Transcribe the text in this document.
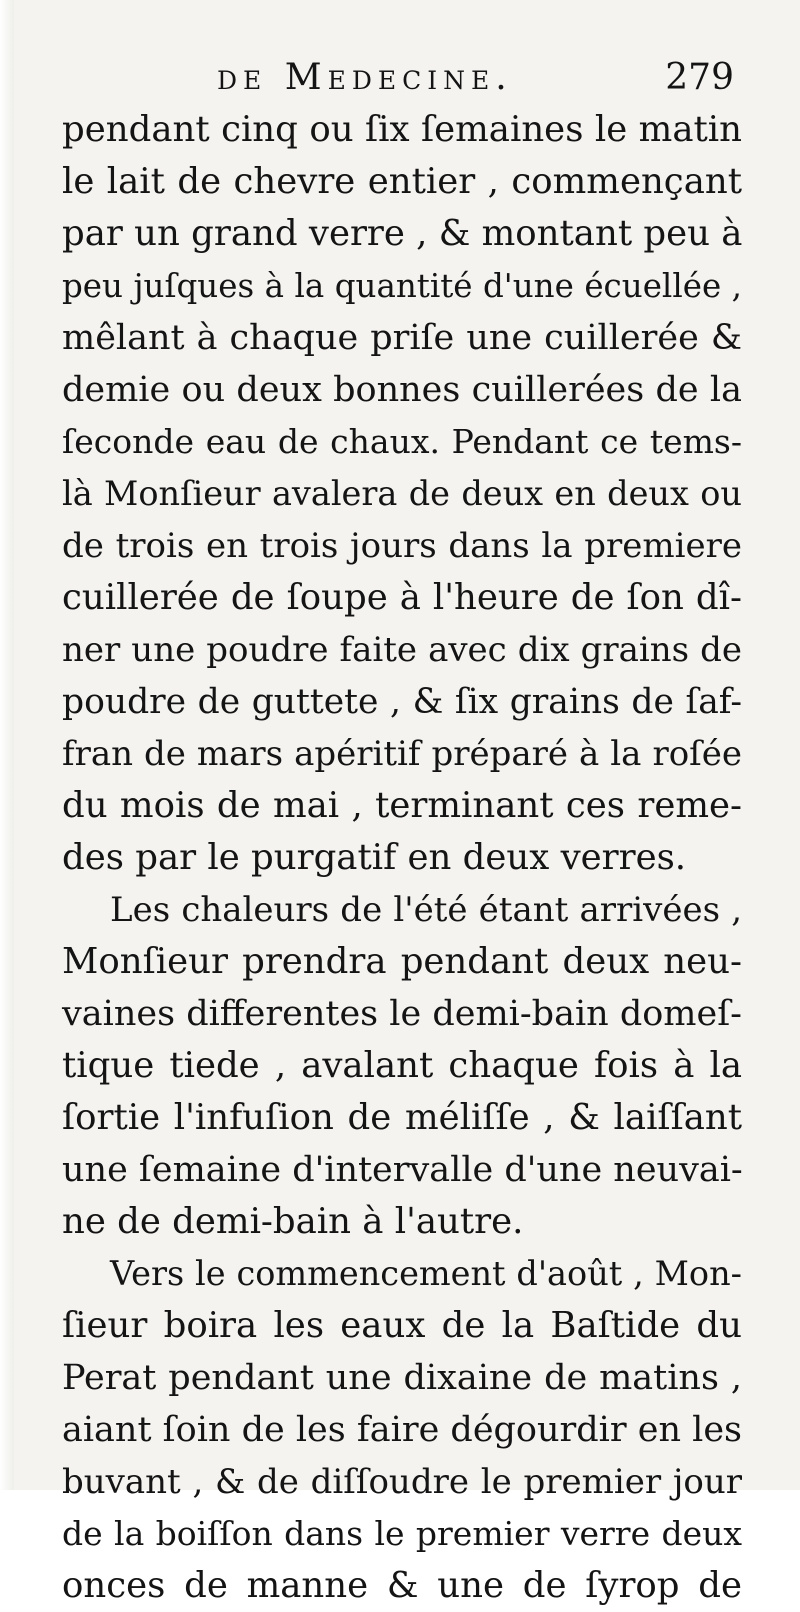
de Medecine.	279
pendant cinq ou ſix ſemaines le matin
le lait de chevre entier , commençant
par un grand verre , & montant peu à
peu juſques à la quantité d'une écuellée ,
mêlant à chaque priſe une cuillerée &
demie ou deux bonnes cuillerées de la
ſeconde eau de chaux. Pendant ce tems-
là Monſieur avalera de deux en deux ou
de trois en trois jours dans la premiere
cuillerée de ſoupe à l'heure de ſon dî-
ner une poudre faite avec dix grains de
poudre de guttete , & ſix grains de ſaf-
fran de mars apéritif préparé à la roſée
du mois de mai , terminant ces reme-
des par le purgatif en deux verres.
Les chaleurs de l'été étant arrivées ,
Monſieur prendra pendant deux neu-
vaines differentes le demi-bain domeſ-
tique tiede , avalant chaque fois à la
ſortie l'infuſion de méliſſe , & laiſſant
une ſemaine d'intervalle d'une neuvai-
ne de demi-bain à l'autre.
Vers le commencement d'août , Mon-
ſieur boira les eaux de la Baſtide du
Perat pendant une dixaine de matins ,
aiant ſoin de les faire dégourdir en les
buvant , & de diſſoudre le premier jour
de la boiſſon dans le premier verre deux
onces de manne & une de ſyrop de
